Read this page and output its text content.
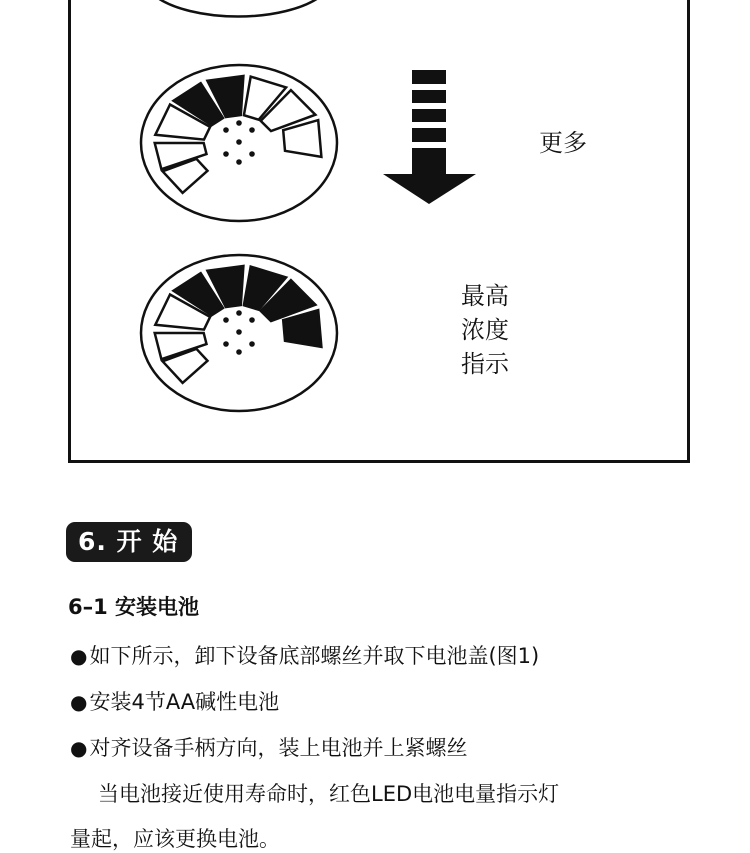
更多
最高
浓度
指示
6. 开 始
6–1 安装电池
●如下所示，卸下设备底部螺丝并取下电池盖(图1)
●安装4节AA碱性电池
●对齐设备手柄方向，装上电池并上紧螺丝
当电池接近使用寿命时，红色LED电池电量指示灯
量起，应该更换电池。
